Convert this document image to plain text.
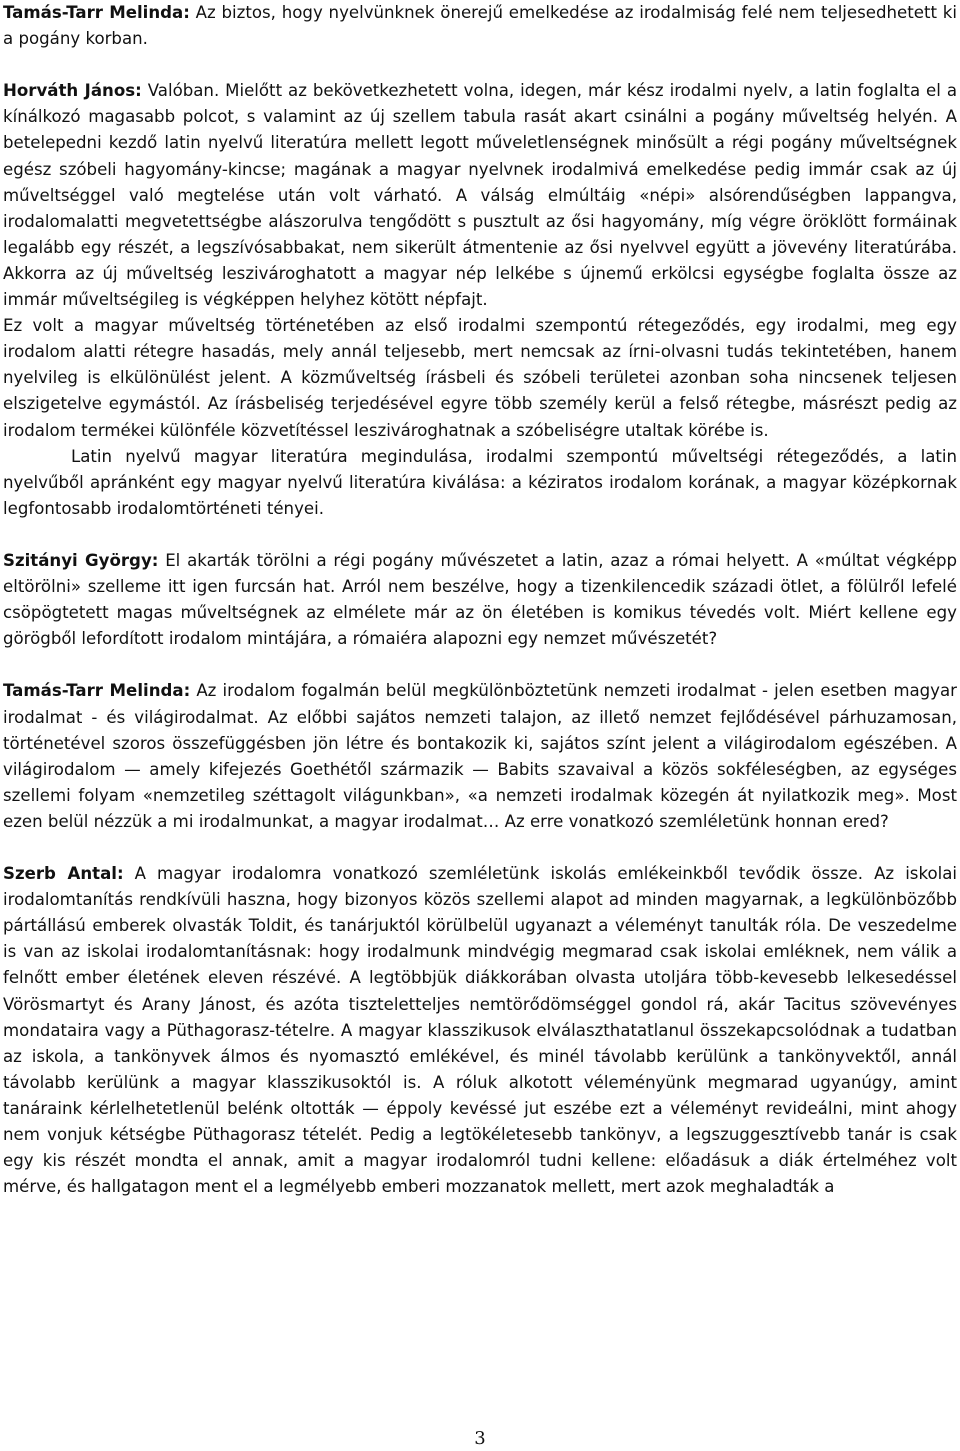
Tamás-Tarr Melinda: Az biztos, hogy nyelvünknek önerejű emelkedése az irodalmiság felé nem teljesedhetett ki a pogány korban.

Horváth János: Valóban. Mielőtt az bekövetkezhetett volna, idegen, már kész irodalmi nyelv, a latin foglalta el a kínálkozó magasabb polcot, s valamint az új szellem tabula rasát akart csinálni a pogány műveltség helyén. A betelepedni kezdő latin nyelvű literatúra mellett legott műveletlenségnek minősült a régi pogány műveltségnek egész szóbeli hagyomány-kincse; magának a magyar nyelvnek irodalmivá emelkedése pedig immár csak az új műveltséggel való megtelése után volt várható. A válság elmúltáig «népi» alsórendűségben lappangva, irodalomalatti megvetettségbe alászorulva tengődött s pusztult az ősi hagyomány, míg végre öröklött formáinak legalább egy részét, a legszívósabbakat, nem sikerült átmentenie az ősi nyelvvel együtt a jövevény literatúrába. Akkorra az új műveltség leszivároghatott a magyar nép lelkébe s újnemű erkölcsi egységbe foglalta össze az immár műveltségileg is végképpen helyhez kötött népfajt.

Ez volt a magyar műveltség történetében az első irodalmi szempontú rétegeződés, egy irodalmi, meg egy irodalom alatti rétegre hasadás, mely annál teljesebb, mert nemcsak az írni-olvasni tudás tekintetében, hanem nyelvileg is elkülönülést jelent. A közműveltség írásbeli és szóbeli területei azonban soha nincsenek teljesen elszigetelve egymástól. Az írásbeliség terjedésével egyre több személy kerül a felső rétegbe, másrészt pedig az irodalom termékei különféle közvetítéssel leszivároghatnak a szóbeliségre utaltak körébe is.

Latin nyelvű magyar literatúra megindulása, irodalmi szempontú műveltségi rétegeződés, a latin nyelvűből apránként egy magyar nyelvű literatúra kiválása: a kéziratos irodalom korának, a magyar középkornak legfontosabb irodalomtörténeti tényei.

Szitányi György: El akarták törölni a régi pogány művészetet a latin, azaz a római helyett. A «múltat végképp eltörölni» szelleme itt igen furcsán hat. Arról nem beszélve, hogy a tizenkilencedik századi ötlet, a fölülről lefelé csöpögtetett magas műveltségnek az elmélete már az ön életében is komikus tévedés volt. Miért kellene egy görögből lefordított irodalom mintájára, a rómaiéra alapozni egy nemzet művészetét?

Tamás-Tarr Melinda: Az irodalom fogalmán belül megkülönböztetünk nemzeti irodalmat - jelen esetben magyar irodalmat - és világirodalmat. Az előbbi sajátos nemzeti talajon, az illető nemzet fejlődésével párhuzamosan, történetével szoros összefüggésben jön létre és bontakozik ki, sajátos színt jelent a világirodalom egészében. A világirodalom — amely kifejezés Goethétől származik — Babits szavaival a közös sokféleségben, az egységes szellemi folyam «nemzetileg széttagolt világunkban», «a nemzeti irodalmak közegén át nyilatkozik meg». Most ezen belül nézzük a mi irodalmunkat, a magyar irodalmat… Az erre vonatkozó szemléletünk honnan ered?

Szerb Antal: A magyar irodalomra vonatkozó szemléletünk iskolás emlékeinkből tevődik össze. Az iskolai irodalomtanítás rendkívüli haszna, hogy bizonyos közös szellemi alapot ad minden magyarnak, a legkülönbözőbb pártállású emberek olvasták Toldit, és tanárjuktól körülbelül ugyanazt a véleményt tanulták róla. De veszedelme is van az iskolai irodalomtanításnak: hogy irodalmunk mindvégig megmarad csak iskolai emléknek, nem válik a felnőtt ember életének eleven részévé. A legtöbbjük diákkorában olvasta utoljára több-kevesebb lelkesedéssel Vörösmartyt és Arany Jánost, és azóta tiszteletteljes nemtörődömséggel gondol rá, akár Tacitus szövevényes mondataira vagy a Püthagorasz-tételre. A magyar klasszikusok elválaszthatatlanul összekapcsolódnak a tudatban az iskola, a tankönyvek álmos és nyomasztó emlékével, és minél távolabb kerülünk a tankönyvektől, annál távolabb kerülünk a magyar klasszikusoktól is. A róluk alkotott véleményünk megmarad ugyanúgy, amint tanáraink kérlelhetetlenül belénk oltották — éppoly kevéssé jut eszébe ezt a véleményt revideálni, mint ahogy nem vonjuk kétségbe Püthagorasz tételét. Pedig a legtökéletesebb tankönyv, a legszuggesztívebb tanár is csak egy kis részét mondta el annak, amit a magyar irodalomról tudni kellene: előadásuk a diák értelméhez volt mérve, és hallgatagon ment el a legmélyebb emberi mozzanatok mellett, mert azok meghaladták a

3
